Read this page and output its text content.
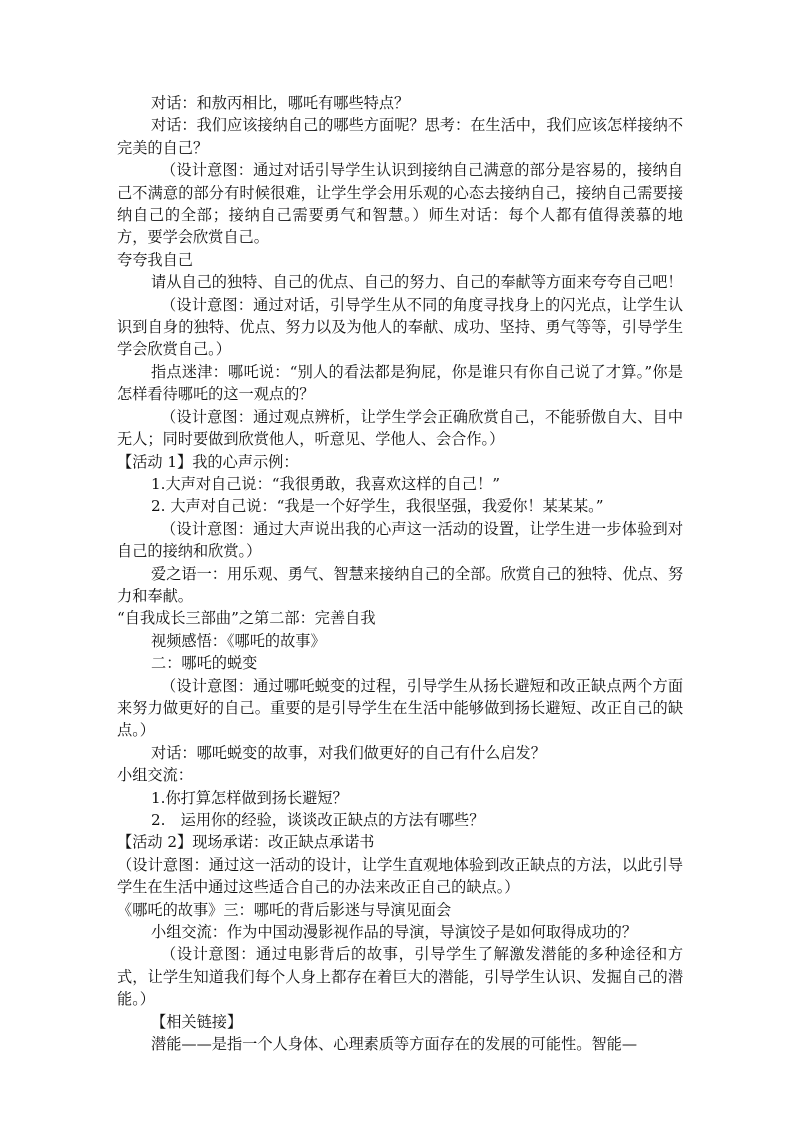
对话：和敖丙相比，哪吒有哪些特点？

对话：我们应该接纳自己的哪些方面呢？思考：在生活中，我们应该怎样接纳不完美的自己？

（设计意图：通过对话引导学生认识到接纳自己满意的部分是容易的，接纳自己不满意的部分有时候很难，让学生学会用乐观的心态去接纳自己，接纳自己需要接纳自己的全部；接纳自己需要勇气和智慧。）师生对话：每个人都有值得羡慕的地方，要学会欣赏自己。

夸夸我自己

请从自己的独特、自己的优点、自己的努力、自己的奉献等方面来夸夸自己吧！

（设计意图：通过对话，引导学生从不同的角度寻找身上的闪光点，让学生认识到自身的独特、优点、努力以及为他人的奉献、成功、坚持、勇气等等，引导学生学会欣赏自己。）

指点迷津：哪吒说：“别人的看法都是狗屁，你是谁只有你自己说了才算。”你是怎样看待哪吒的这一观点的？

（设计意图：通过观点辨析，让学生学会正确欣赏自己，不能骄傲自大、目中无人；同时要做到欣赏他人，听意见、学他人、会合作。）

【活动 1】我的心声示例：

1.大声对自己说：“我很勇敢，我喜欢这样的自己！”

2. 大声对自己说：“我是一个好学生，我很坚强，我爱你！某某某。”

（设计意图：通过大声说出我的心声这一活动的设置，让学生进一步体验到对自己的接纳和欣赏。）

爱之语一：用乐观、勇气、智慧来接纳自己的全部。欣赏自己的独特、优点、努力和奉献。

“自我成长三部曲”之第二部：完善自我

视频感悟：《哪吒的故事》

二：哪吒的蜕变

（设计意图：通过哪吒蜕变的过程，引导学生从扬长避短和改正缺点两个方面来努力做更好的自己。重要的是引导学生在生活中能够做到扬长避短、改正自己的缺点。）

对话：哪吒蜕变的故事，对我们做更好的自己有什么启发？

小组交流：

1.你打算怎样做到扬长避短？

2.　运用你的经验，谈谈改正缺点的方法有哪些？

【活动 2】现场承诺：改正缺点承诺书

（设计意图：通过这一活动的设计，让学生直观地体验到改正缺点的方法，以此引导学生在生活中通过这些适合自己的办法来改正自己的缺点。）

《哪吒的故事》三：哪吒的背后影迷与导演见面会

小组交流：作为中国动漫影视作品的导演，导演饺子是如何取得成功的？

（设计意图：通过电影背后的故事，引导学生了解激发潜能的多种途径和方式，让学生知道我们每个人身上都存在着巨大的潜能，引导学生认识、发掘自己的潜能。）

【相关链接】

潜能——是指一个人身体、心理素质等方面存在的发展的可能性。智能—
